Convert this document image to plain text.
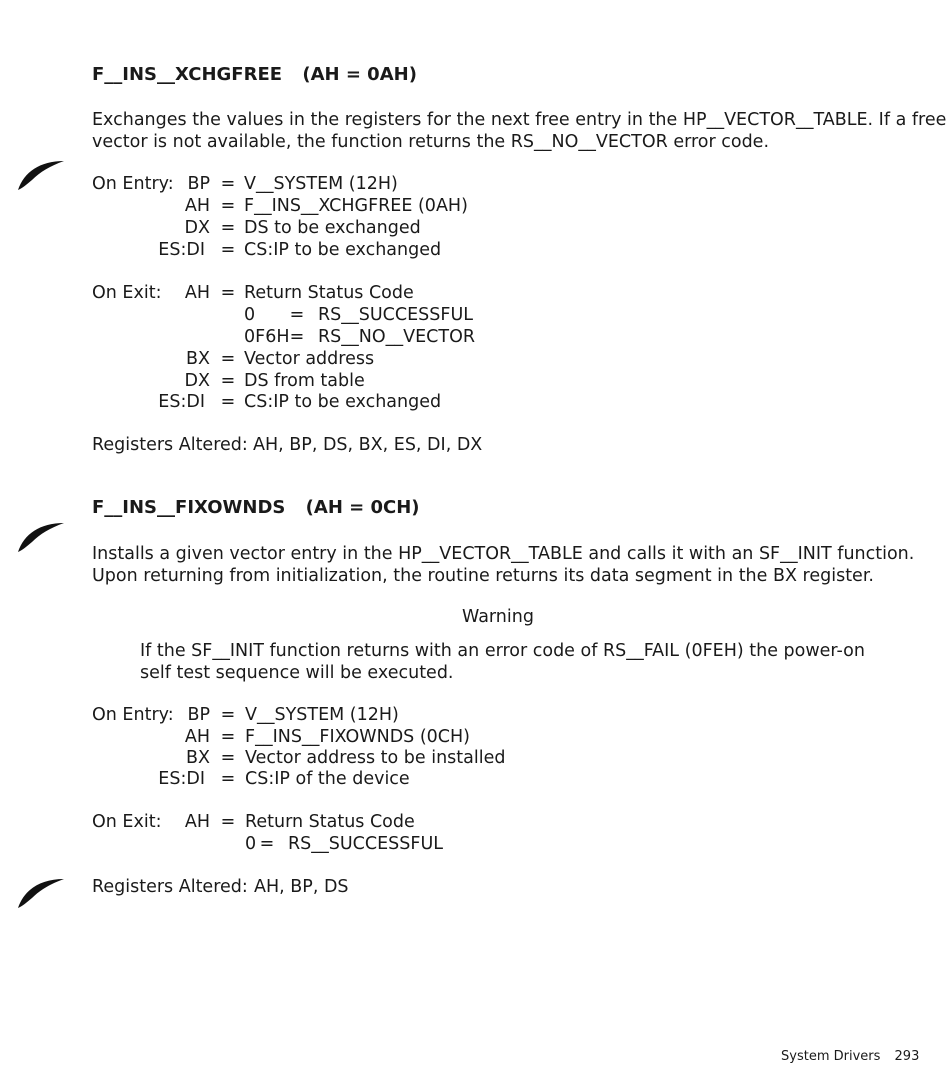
F__INS__XCHGFREE (AH = 0AH)
Exchanges the values in the registers for the next free entry in the HP__VECTOR__TABLE. If a free
vector is not available, the function returns the RS__NO__VECTOR error code.
On Entry: BP = V__SYSTEM (12H)
AH = F__INS__XCHGFREE (0AH)
DX = DS to be exchanged
ES:DI = CS:IP to be exchanged
On Exit:	AH = Return Status Code
0 = RS__SUCCESSFUL
0F6H = RS__NO__VECTOR
BX = Vector address
DX = DS from table
ES:DI = CS:IP to be exchanged
Registers Altered: AH, BP, DS, BX, ES, DI, DX
F__INS__FIXOWNDS (AH = 0CH)
Installs a given vector entry in the HP__VECTOR__TABLE and calls it with an SF__INIT function.
Upon returning from initialization, the routine returns its data segment in the BX register.
Warning
If the SF__INIT function returns with an error code of RS__FAIL (0FEH) the power-on
self test sequence will be executed.
On Entry: BP = V__SYSTEM (12H)
AH = F__INS__FIXOWNDS (0CH)
BX = Vector address to be installed
ES:DI = CS:IP of the device
On Exit:	AH = Return Status Code
0 = RS__SUCCESSFUL
Registers Altered: AH, BP, DS
System Drivers 293
